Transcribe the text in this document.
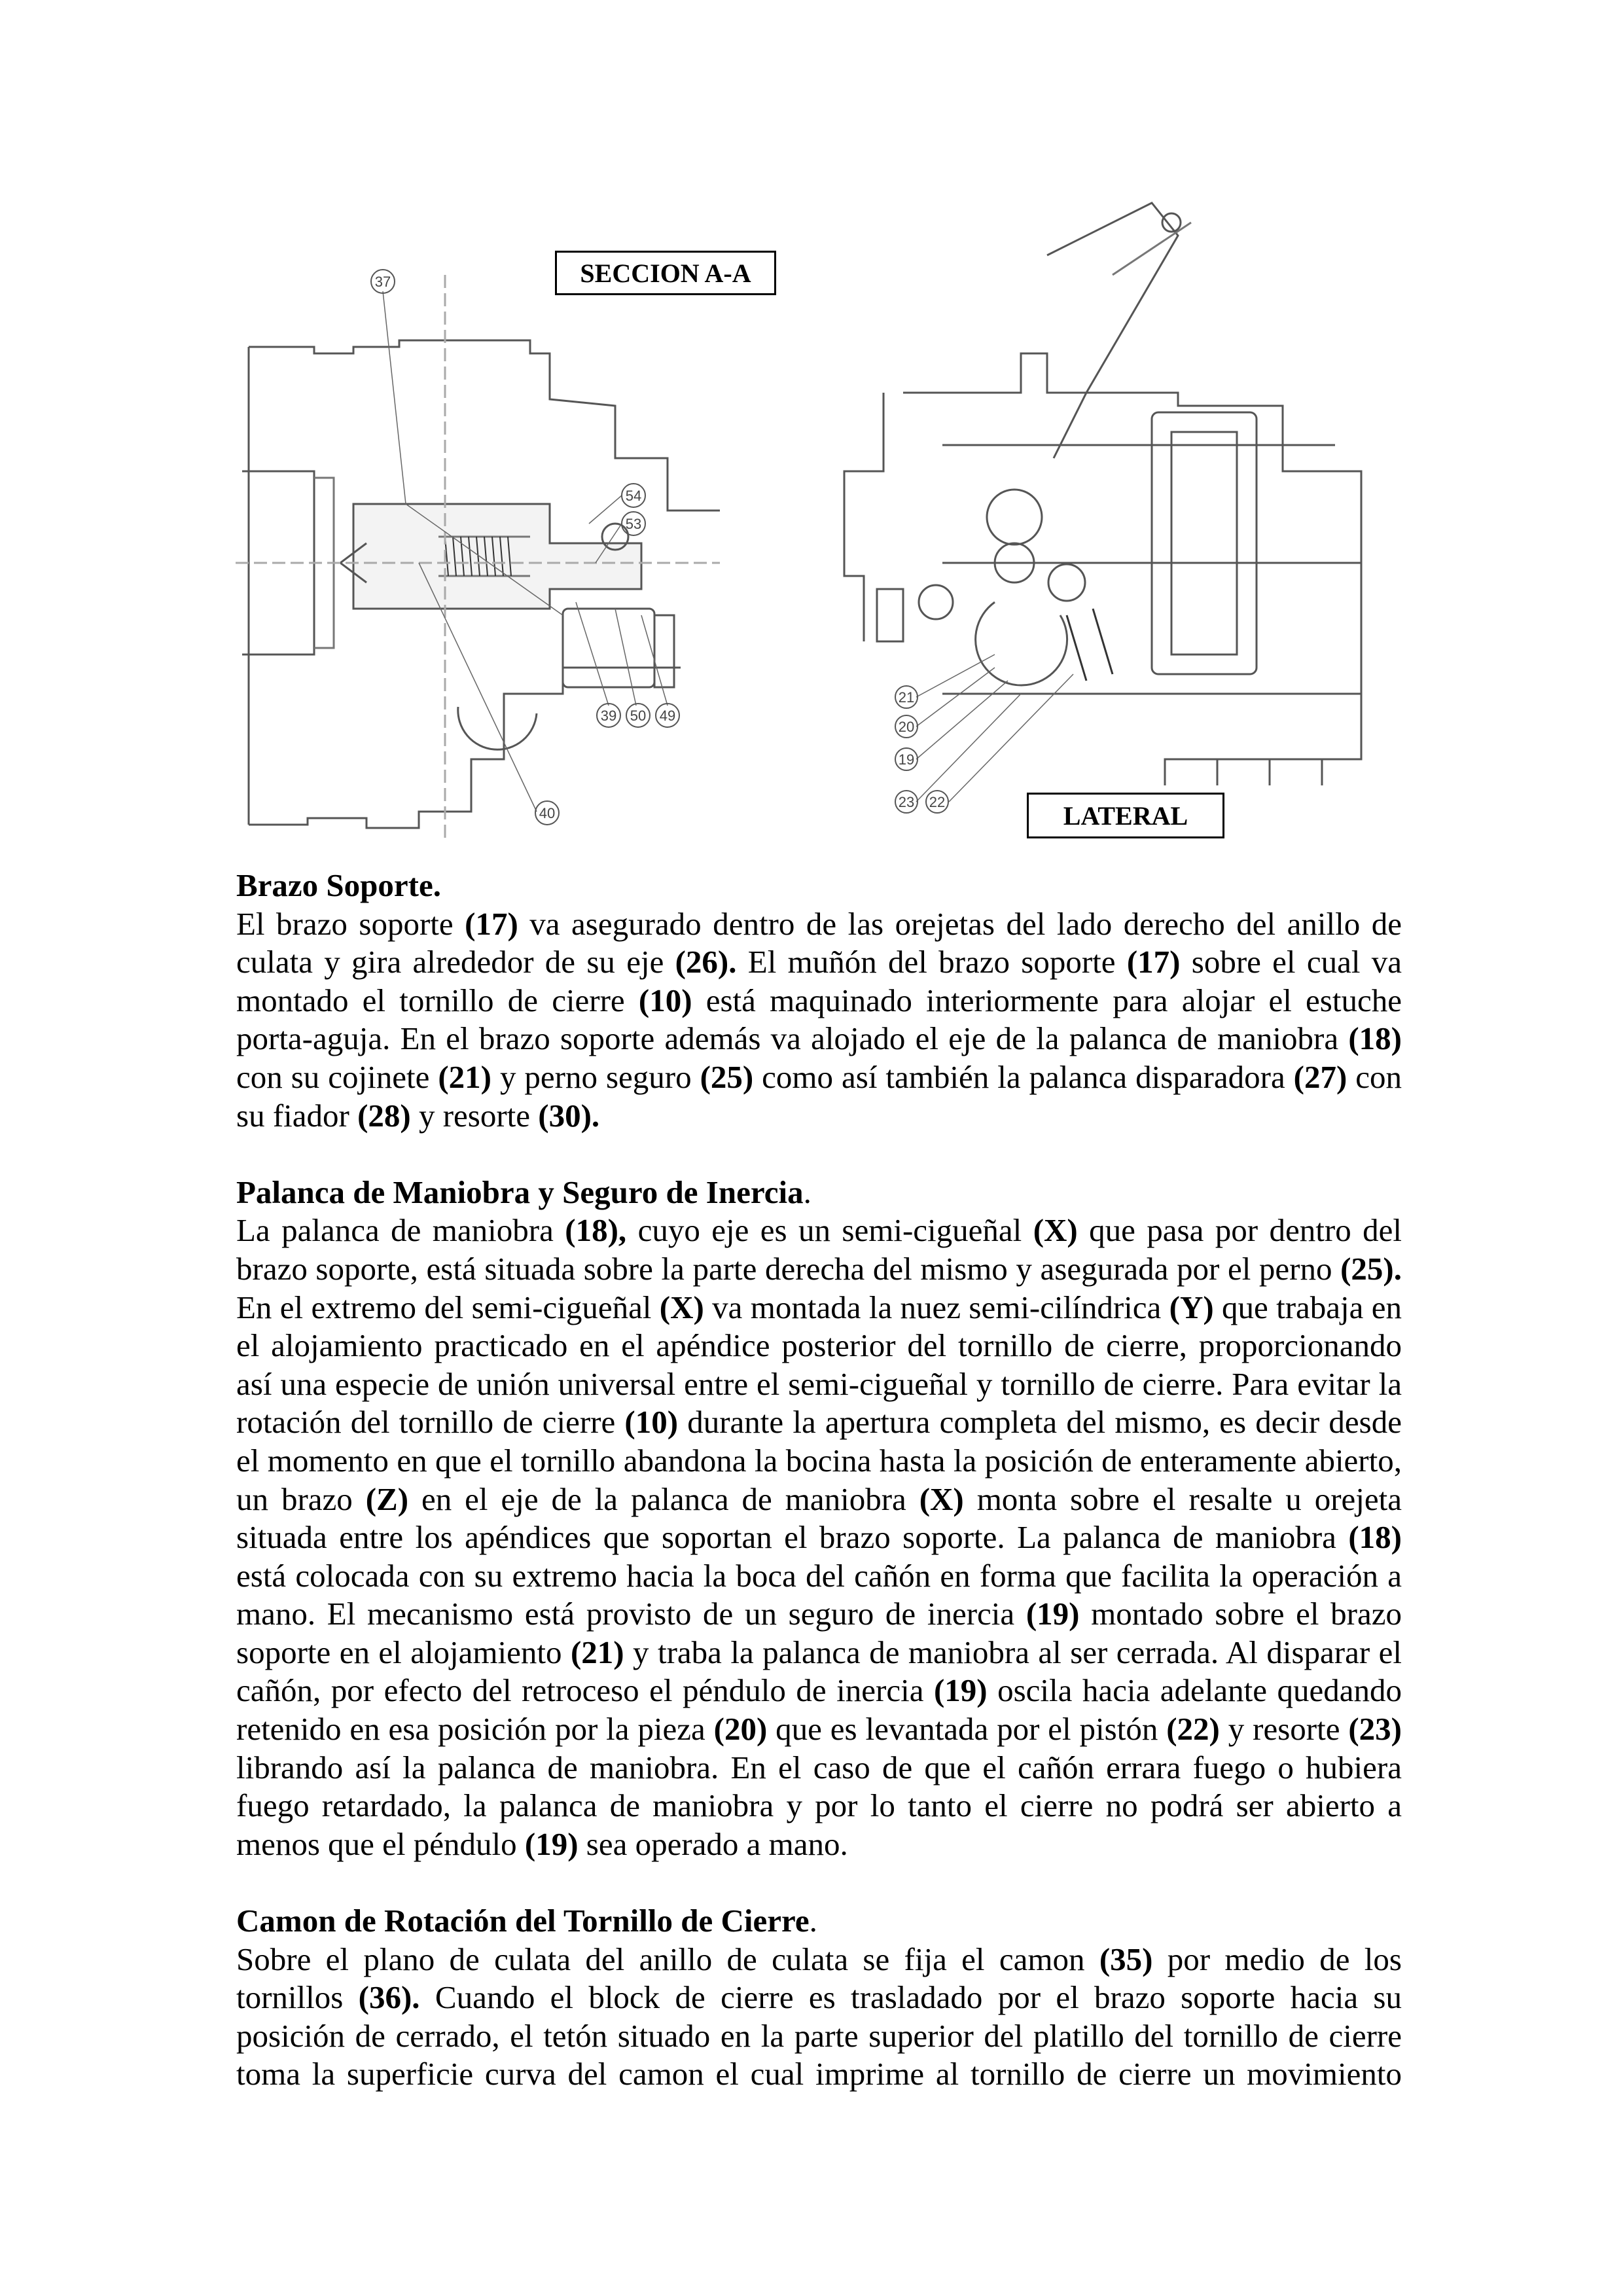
37
54
53
39 50 49
40
21
20
19
23 22
SECCION A-A
LATERAL
Brazo Soporte.

El brazo soporte (17) va asegurado dentro de las orejetas del lado derecho del anillo de culata y gira alrededor de su eje (26). El muñón del brazo soporte (17) sobre el cual va montado el tornillo de cierre (10) está maquinado interiormente para alojar el estuche porta-aguja. En el brazo soporte además va alojado el eje de la palanca de maniobra (18) con su cojinete (21) y perno seguro (25) como así también la palanca disparadora (27) con su fiador (28) y resorte (30).

Palanca de Maniobra y Seguro de Inercia.

La palanca de maniobra (18), cuyo eje es un semi-cigueñal (X) que pasa por dentro del brazo soporte, está situada sobre la parte derecha del mismo y asegurada por el perno (25). En el extremo del semi-cigueñal (X) va montada la nuez semi-cilíndrica (Y) que trabaja en el alojamiento practicado en el apéndice posterior del tornillo de cierre, proporcionando así una especie de unión universal entre el semi-cigueñal y tornillo de cierre. Para evitar la rotación del tornillo de cierre (10) durante la apertura completa del mismo, es decir desde el momento en que el tornillo abandona la bocina hasta la posición de enteramente abierto, un brazo (Z) en el eje de la palanca de maniobra (X) monta sobre el resalte u orejeta situada entre los apéndices que soportan el brazo soporte. La palanca de maniobra (18) está colocada con su extremo hacia la boca del cañón en forma que facilita la operación a mano. El mecanismo está provisto de un seguro de inercia (19) montado sobre el brazo soporte en el alojamiento (21) y traba la palanca de maniobra al ser cerrada. Al disparar el cañón, por efecto del retroceso el péndulo de inercia (19) oscila hacia adelante quedando retenido en esa posición por la pieza (20) que es levantada por el pistón (22) y resorte (23) librando así la palanca de maniobra. En el caso de que el cañón errara fuego o hubiera fuego retardado, la palanca de maniobra y por lo tanto el cierre no podrá ser abierto a menos que el péndulo (19) sea operado a mano.

Camon de Rotación del Tornillo de Cierre.

Sobre el plano de culata del anillo de culata se fija el camon (35) por medio de los tornillos (36). Cuando el block de cierre es trasladado por el brazo soporte hacia su posición de cerrado, el tetón situado en la parte superior del platillo del tornillo de cierre toma la superficie curva del camon el cual imprime al tornillo de cierre un movimiento
